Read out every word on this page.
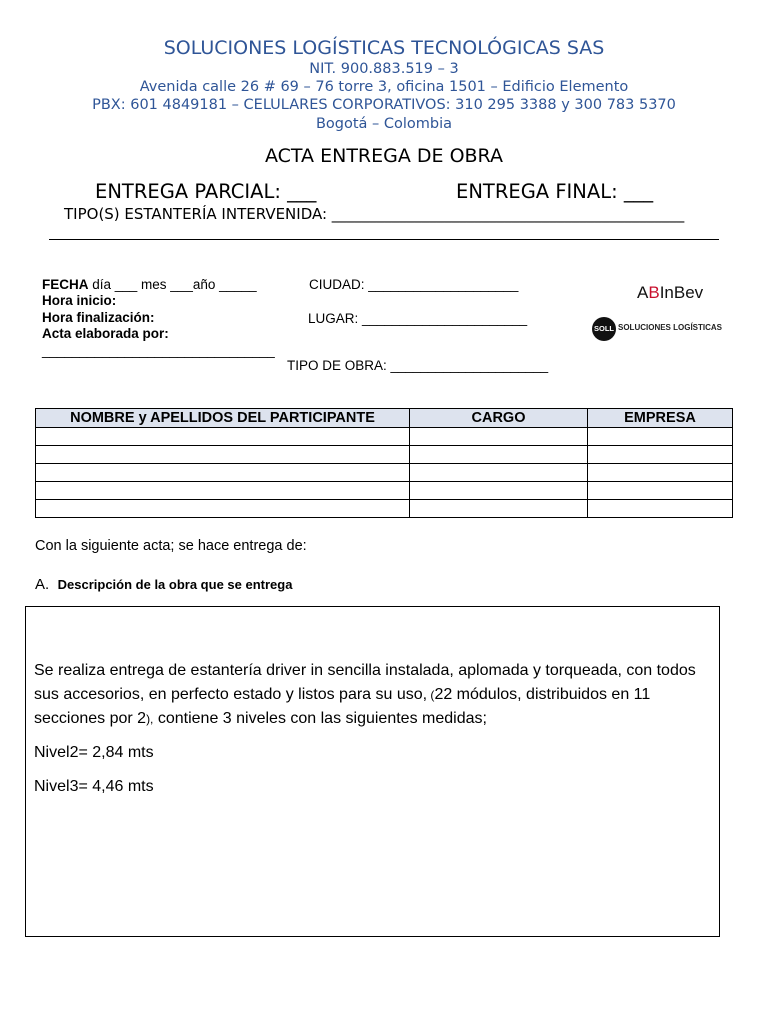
SOLUCIONES LOGÍSTICAS TECNOLÓGICAS SAS
NIT. 900.883.519 – 3
Avenida calle 26 # 69 – 76 torre 3, oficina 1501 – Edificio Elemento
PBX: 601 4849181 – CELULARES CORPORATIVOS: 310 295 3388 y 300 783 5370
Bogotá – Colombia
ACTA ENTREGA DE OBRA
ENTREGA PARCIAL: ___	ENTREGA FINAL: ___
TIPO(S) ESTANTERÍA INTERVENIDA: _______________________________________________
FECHA día ___ mes ___año _____
Hora inicio:
Hora finalización:
Acta elaborada por:
_______________________________
CIUDAD: ____________________
LUGAR: ______________________
TIPO DE OBRA: _____________________
ABInBev
SOLL SOLUCIONES LOGÍSTICAS
NOMBRE y APELLIDOS DEL PARTICIPANTE	CARGO	EMPRESA

Con la siguiente acta; se hace entrega de:
A. Descripción de la obra que se entrega
Se realiza entrega de estantería driver in sencilla instalada, aplomada y torqueada, con todos
sus accesorios, en perfecto estado y listos para su uso, (22 módulos, distribuidos en 11
secciones por 2), contiene 3 niveles con las siguientes medidas;
Nivel2= 2,84 mts
Nivel3= 4,46 mts
